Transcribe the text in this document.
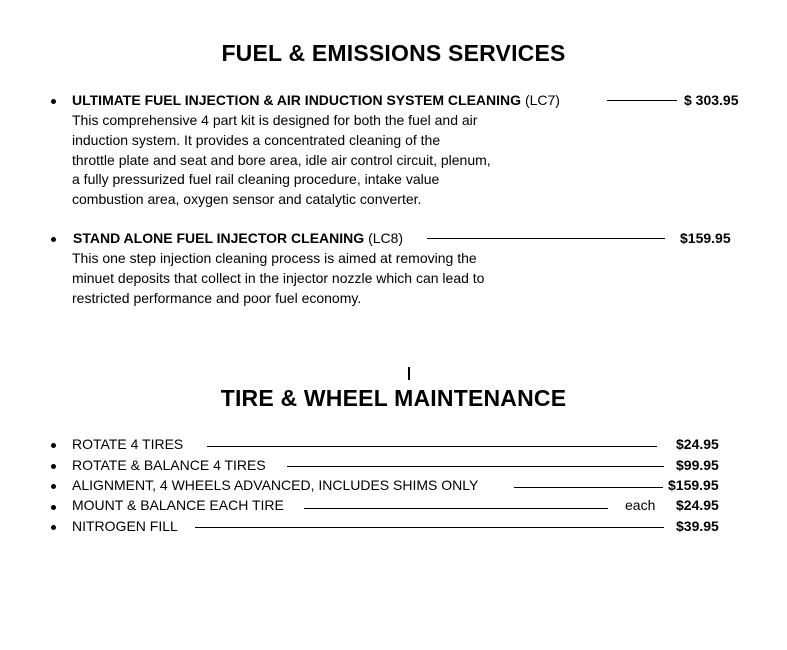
FUEL & EMISSIONS SERVICES
ULTIMATE FUEL INJECTION & AIR INDUCTION SYSTEM CLEANING (LC7)	$ 303.95
This comprehensive 4 part kit is designed for both the fuel and air
induction system. It provides a concentrated cleaning of the
throttle plate and seat and bore area, idle air control circuit, plenum,
a fully pressurized fuel rail cleaning procedure, intake value
combustion area, oxygen sensor and catalytic converter.
STAND ALONE FUEL INJECTOR CLEANING (LC8)	$159.95
This one step injection cleaning process is aimed at removing the
minuet deposits that collect in the injector nozzle which can lead to
restricted performance and poor fuel economy.
TIRE & WHEEL MAINTENANCE
ROTATE 4 TIRES	$24.95
ROTATE & BALANCE 4 TIRES	$99.95
ALIGNMENT, 4 WHEELS ADVANCED, INCLUDES SHIMS ONLY	$159.95
MOUNT & BALANCE EACH TIRE	each $24.95
NITROGEN FILL	$39.95
